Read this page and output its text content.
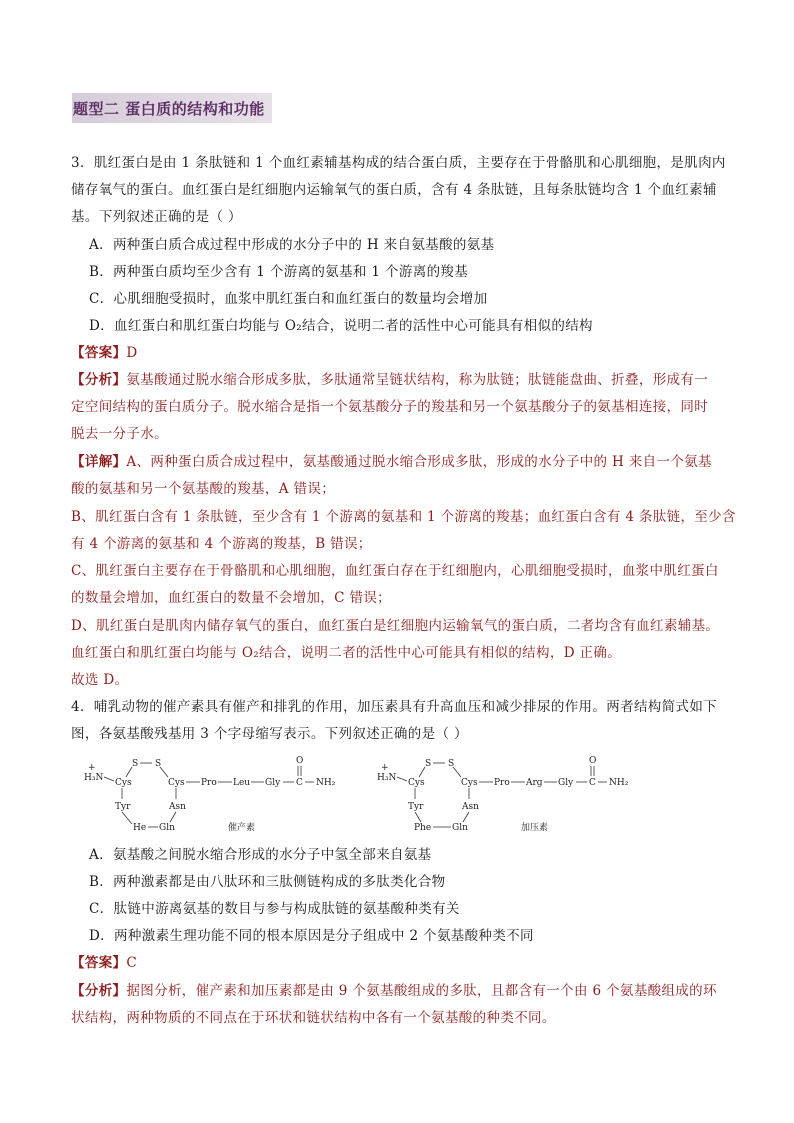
题型二 蛋白质的结构和功能
3．肌红蛋白是由 1 条肽链和 1 个血红素辅基构成的结合蛋白质，主要存在于骨骼肌和心肌细胞，是肌肉内
储存氧气的蛋白。血红蛋白是红细胞内运输氧气的蛋白质，含有 4 条肽链，且每条肽链均含 1 个血红素辅
基。下列叙述正确的是（ ）
A．两种蛋白质合成过程中形成的水分子中的 H 来自氨基酸的氨基
B．两种蛋白质均至少含有 1 个游离的氨基和 1 个游离的羧基
C．心肌细胞受损时，血浆中肌红蛋白和血红蛋白的数量均会增加
D．血红蛋白和肌红蛋白均能与 O₂结合，说明二者的活性中心可能具有相似的结构
【答案】D
【分析】氨基酸通过脱水缩合形成多肽，多肽通常呈链状结构，称为肽链；肽链能盘曲、折叠，形成有一
定空间结构的蛋白质分子。脱水缩合是指一个氨基酸分子的羧基和另一个氨基酸分子的氨基相连接，同时
脱去一分子水。
【详解】A、两种蛋白质合成过程中，氨基酸通过脱水缩合形成多肽，形成的水分子中的 H 来自一个氨基
酸的氨基和另一个氨基酸的羧基，A 错误；
B、肌红蛋白含有 1 条肽链，至少含有 1 个游离的氨基和 1 个游离的羧基；血红蛋白含有 4 条肽链，至少含
有 4 个游离的氨基和 4 个游离的羧基，B 错误；
C、肌红蛋白主要存在于骨骼肌和心肌细胞，血红蛋白存在于红细胞内，心肌细胞受损时，血浆中肌红蛋白
的数量会增加，血红蛋白的数量不会增加，C 错误；
D、肌红蛋白是肌肉内储存氧气的蛋白，血红蛋白是红细胞内运输氧气的蛋白质，二者均含有血红素辅基。
血红蛋白和肌红蛋白均能与 O₂结合，说明二者的活性中心可能具有相似的结构，D 正确。
故选 D。
4．哺乳动物的催产素具有催产和排乳的作用，加压素具有升高血压和减少排尿的作用。两者结构简式如下
图，各氨基酸残基用 3 个字母缩写表示。下列叙述正确的是（ ）
H₃N
+
Cys
S S
Cys Pro Leu Gly C
O
NH₂
Tyr	Asn
He Gln	催产素
H₃N
+
Cys
S S
Cys Pro Arg Gly C
O
NH₂
Tyr	Asn
Phe Gln	加压素
A．氨基酸之间脱水缩合形成的水分子中氢全部来自氨基
B．两种激素都是由八肽环和三肽侧链构成的多肽类化合物
C．肽链中游离氨基的数目与参与构成肽链的氨基酸种类有关
D．两种激素生理功能不同的根本原因是分子组成中 2 个氨基酸种类不同
【答案】C
【分析】据图分析，催产素和加压素都是由 9 个氨基酸组成的多肽，且都含有一个由 6 个氨基酸组成的环
状结构，两种物质的不同点在于环状和链状结构中各有一个氨基酸的种类不同。
